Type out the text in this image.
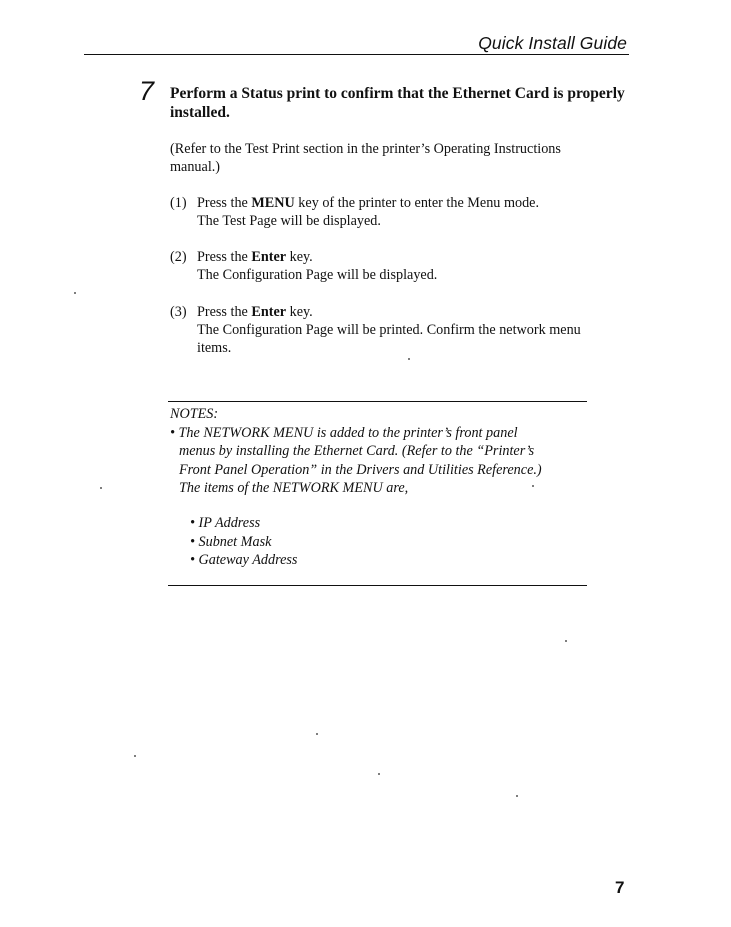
Quick Install Guide
7 Perform a Status print to confirm that the Ethernet Card is properly
installed.
(Refer to the Test Print section in the printer’s Operating Instructions
manual.)
(1) Press the MENU key of the printer to enter the Menu mode.
The Test Page will be displayed.
(2) Press the Enter key.
The Configuration Page will be displayed.
(3) Press the Enter key.
The Configuration Page will be printed. Confirm the network menu
items.
NOTES:
• The NETWORK MENU is added to the printer’s front panel
menus by installing the Ethernet Card. (Refer to the “Printer’s
Front Panel Operation” in the Drivers and Utilities Reference.)
The items of the NETWORK MENU are,
• IP Address
• Subnet Mask
• Gateway Address
7
